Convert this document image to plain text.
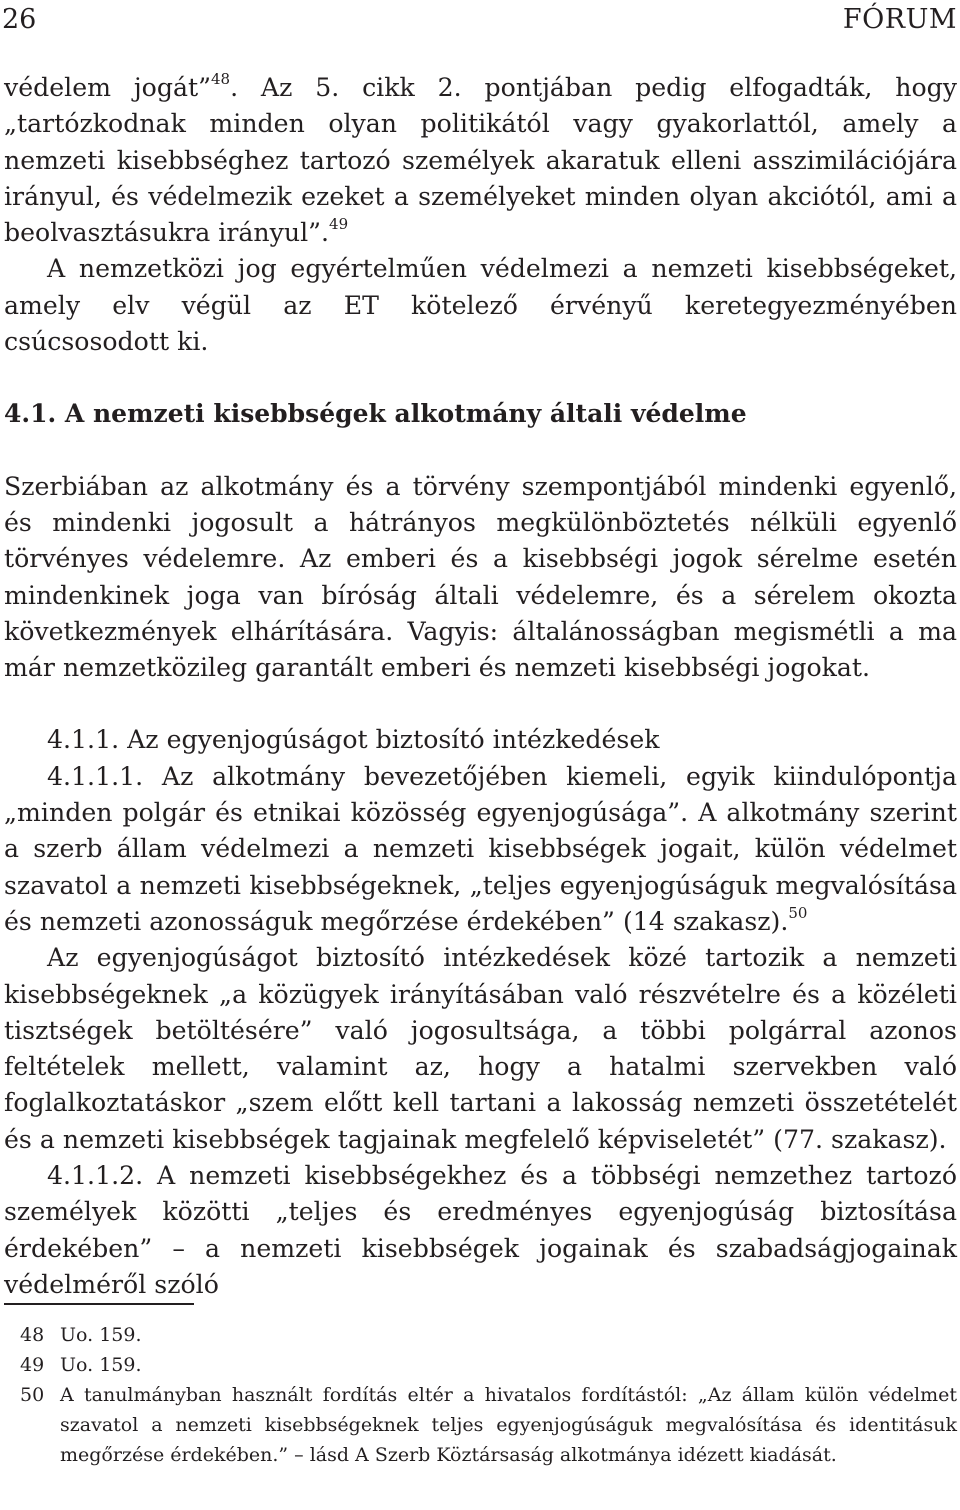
26	FÓRUM

védelem jogát”$^{48}$. Az 5. cikk 2. pontjában pedig elfogadták, hogy „tartózkodnak minden olyan politikától vagy gyakorlattól, amely a nemzeti kisebbséghez tartozó személyek akaratuk elleni asszimilációjára irányul, és védelmezik ezeket a személyeket minden olyan akciótól, ami a beolvasztásukra irányul”.$^{49}$

A nemzetközi jog egyértelműen védelmezi a nemzeti kisebbségeket, amely elv végül az ET kötelező érvényű keretegyezményében csúcsosodott ki.

4.1. A nemzeti kisebbségek alkotmány általi védelme

Szerbiában az alkotmány és a törvény szempontjából mindenki egyenlő, és mindenki jogosult a hátrányos megkülönböztetés nélküli egyenlő törvényes védelemre. Az emberi és a kisebbségi jogok sérelme esetén mindenkinek joga van bíróság általi védelemre, és a sérelem okozta következmények elhárítására. Vagyis: általánosságban megismétli a ma már nemzetközileg garantált emberi és nemzeti kisebbségi jogokat.

4.1.1. Az egyenjogúságot biztosító intézkedések

4.1.1.1. Az alkotmány bevezetőjében kiemeli, egyik kiindulópontja „minden polgár és etnikai közösség egyenjogúsága”. A alkotmány szerint a szerb állam védelmezi a nemzeti kisebbségek jogait, külön védelmet szavatol a nemzeti kisebbségeknek, „teljes egyenjogúságuk megvalósítása és nemzeti azonosságuk megőrzése érdekében” (14 szakasz).$^{50}$

Az egyenjogúságot biztosító intézkedések közé tartozik a nemzeti kisebbségeknek „a közügyek irányításában való részvételre és a közéleti tisztségek betöltésére” való jogosultsága, a többi polgárral azonos feltételek mellett, valamint az, hogy a hatalmi szervekben való foglalkoztatáskor „szem előtt kell tartani a lakosság nemzeti összetételét és a nemzeti kisebbségek tagjainak megfelelő képviseletét” (77. szakasz).

4.1.1.2. A nemzeti kisebbségekhez és a többségi nemzethez tartozó személyek közötti „teljes és eredményes egyenjogúság biztosítása érdekében” – a nemzeti kisebbségek jogainak és szabadságjogainak védelméről szóló

48 Uo. 159.

49 Uo. 159.

50 A tanulmányban használt fordítás eltér a hivatalos fordítástól: „Az állam külön védelmet szavatol a nemzeti kisebbségeknek teljes egyenjogúságuk megvalósítása és identitásuk megőrzése érdekében.” – lásd A Szerb Köztársaság alkotmánya idézett kiadását.
